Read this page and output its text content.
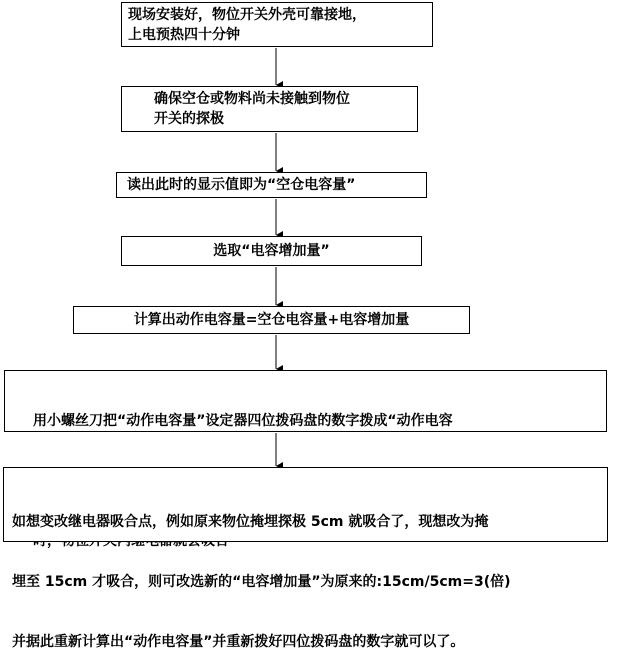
现场安装好，物位开关外壳可靠接地，
上电预热四十分钟
确保空仓或物料尚未接触到物位
开关的探极
读出此时的显示值即为“空仓电容量”
选取“电容增加量”
计算出动作电容量=空仓电容量+电容增加量

用小螺丝刀把“动作电容量”设定器四位拨码盘的数字拨成“动作电容

如想变改继电器吸合点，例如原来物位掩埋探极 5cm 就吸合了，现想改为掩

埋至 15cm 才吸合，则可改选新的“电容增加量”为原来的:15cm/5cm=3(倍)

并据此重新计算出“动作电容量”并重新拨好四位拨码盘的数字就可以了。
